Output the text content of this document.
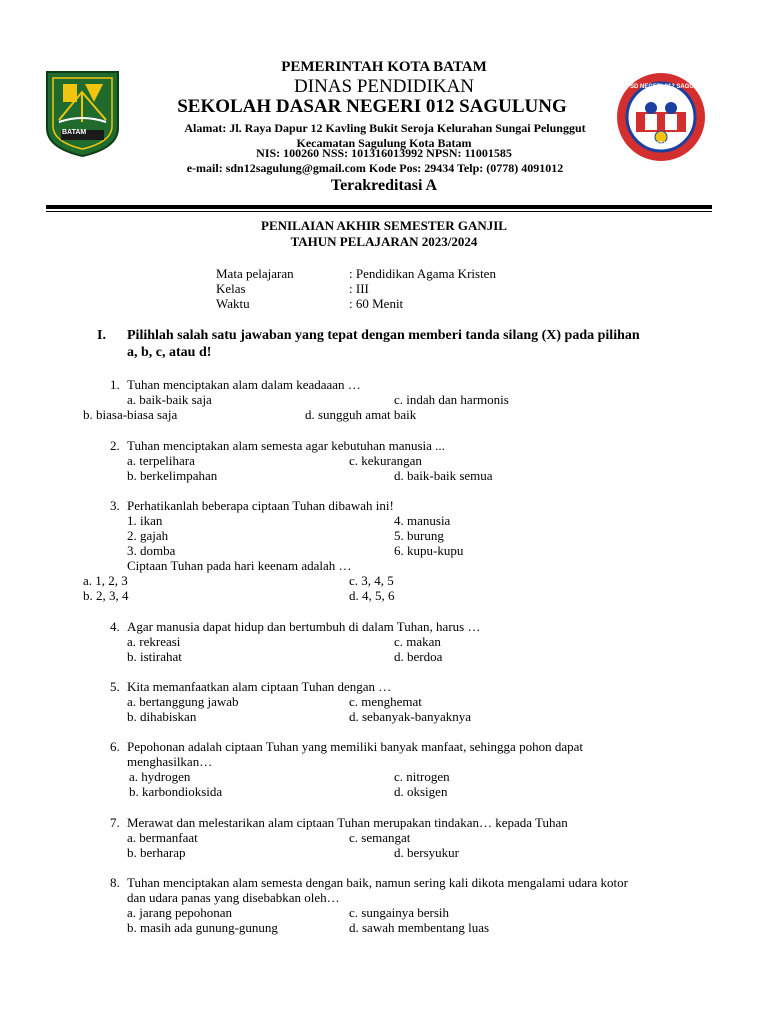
BATAM
SD NEGERI 012 SAGULUNG
BATAM
PEMERINTAH KOTA BATAM
DINAS PENDIDIKAN
SEKOLAH DASAR NEGERI 012 SAGULUNG
Alamat: Jl. Raya Dapur 12 Kavling Bukit Seroja Kelurahan Sungai Pelunggut
Kecamatan Sagulung Kota Batam
NIS: 100260 NSS: 101316013992 NPSN: 11001585
e-mail: sdn12sagulung@gmail.com Kode Pos: 29434 Telp: (0778) 4091012
Terakreditasi A
PENILAIAN AKHIR SEMESTER GANJIL
TAHUN PELAJARAN 2023/2024
Mata pelajaran	: Pendidikan Agama Kristen
Kelas	: III
Waktu	: 60 Menit
I. Pilihlah salah satu jawaban yang tepat dengan memberi tanda silang (X) pada pilihan
a, b, c, atau d!
1. Tuhan menciptakan alam dalam keadaaan …
a. baik-baik saja	c. indah dan harmonis
b. biasa-biasa saja	d. sungguh amat baik
2. Tuhan menciptakan alam semesta agar kebutuhan manusia ...
a. terpelihara	c. kekurangan
b. berkelimpahan	d. baik-baik semua
3. Perhatikanlah beberapa ciptaan Tuhan dibawah ini!
1. ikan	4. manusia
2. gajah	5. burung
3. domba	6. kupu-kupu
Ciptaan Tuhan pada hari keenam adalah …
a. 1, 2, 3	c. 3, 4, 5
b. 2, 3, 4	d. 4, 5, 6
4. Agar manusia dapat hidup dan bertumbuh di dalam Tuhan, harus …
a. rekreasi	c. makan
b. istirahat	d. berdoa
5. Kita memanfaatkan alam ciptaan Tuhan dengan …
a. bertanggung jawab	c. menghemat
b. dihabiskan	d. sebanyak-banyaknya
6. Pepohonan adalah ciptaan Tuhan yang memiliki banyak manfaat, sehingga pohon dapat
menghasilkan…
a. hydrogen	c. nitrogen
b. karbondioksida	d. oksigen
7. Merawat dan melestarikan alam ciptaan Tuhan merupakan tindakan… kepada Tuhan
a. bermanfaat	c. semangat
b. berharap	d. bersyukur
8. Tuhan menciptakan alam semesta dengan baik, namun sering kali dikota mengalami udara kotor
dan udara panas yang disebabkan oleh…
a. jarang pepohonan	c. sungainya bersih
b. masih ada gunung-gunung	d. sawah membentang luas
